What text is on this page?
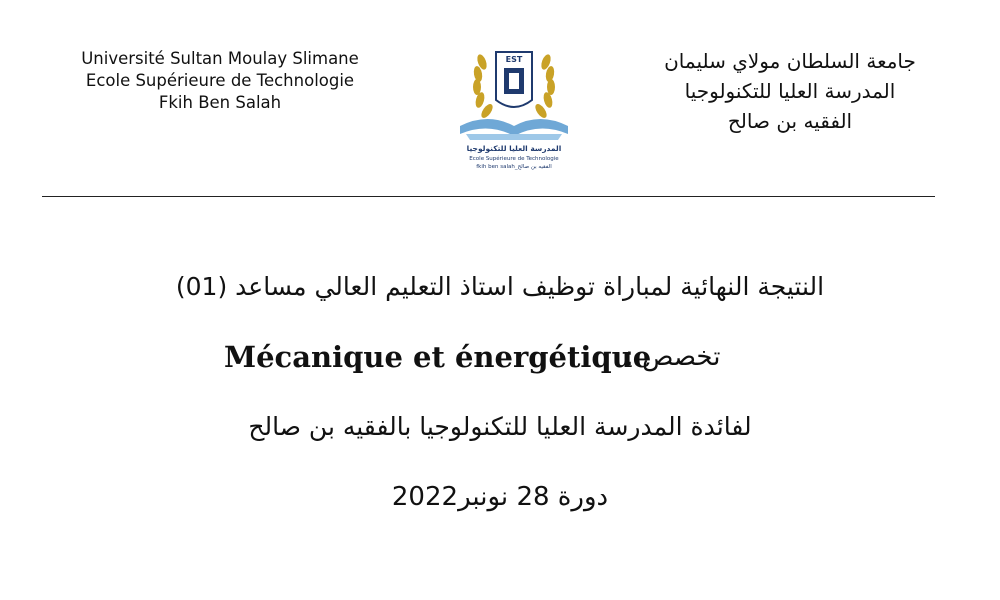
Université Sultan Moulay Slimane
Ecole Supérieure de Technologie
Fkih Ben Salah
EST
المدرسة العليا للتكنولوجيا
Ecole Supérieure de Technologie
fkih ben salah_الفقيه بن صالح
جامعة السلطان مولاي سليمان
المدرسة العليا للتكنولوجيا
الفقيه بن صالح
النتيجة النهائية لمباراة توظيف استاذ التعليم العالي مساعد (01)
Mécanique et énergétique
تخصص :
لفائدة المدرسة العليا للتكنولوجيا بالفقيه بن صالح
دورة 28 نونبر2022
